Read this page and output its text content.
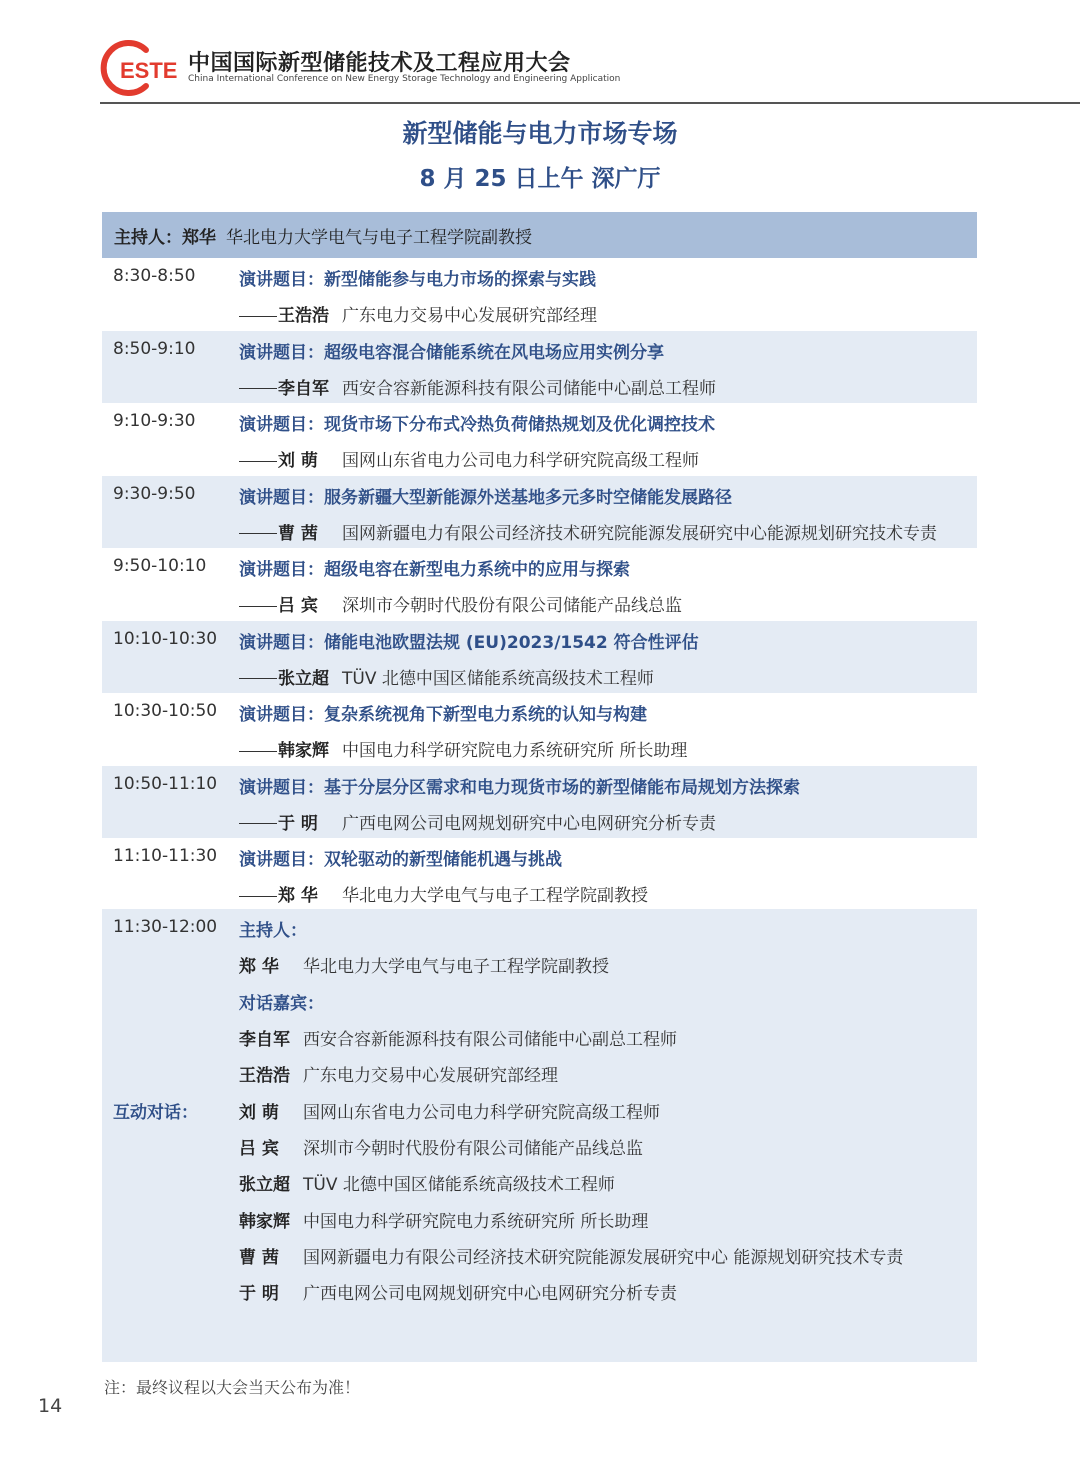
ESTE 中国国际新型储能技术及工程应用大会
China International Conference on New Energy Storage Technology and Engineering Application
新型储能与电力市场专场
8 月 25 日上午 深广厅
主持人： 郑华 华北电力大学电气与电子工程学院副教授
8:30-8:50	演讲题目：新型储能参与电力市场的探索与实践
王浩浩 广东电力交易中心发展研究部经理
8:50-9:10	演讲题目：超级电容混合储能系统在风电场应用实例分享
李自军 西安合容新能源科技有限公司储能中心副总工程师
9:10-9:30	演讲题目：现货市场下分布式冷热负荷储热规划及优化调控技术
刘 萌 国网山东省电力公司电力科学研究院高级工程师
9:30-9:50	演讲题目：服务新疆大型新能源外送基地多元多时空储能发展路径
曹 茜 国网新疆电力有限公司经济技术研究院能源发展研究中心能源规划研究技术专责
9:50-10:10 演讲题目：超级电容在新型电力系统中的应用与探索
吕 宾 深圳市今朝时代股份有限公司储能产品线总监
10:10-10:30 演讲题目：储能电池欧盟法规 (EU)2023/1542 符合性评估
张立超 TÜV 北德中国区储能系统高级技术工程师
10:30-10:50 演讲题目：复杂系统视角下新型电力系统的认知与构建
韩家辉 中国电力科学研究院电力系统研究所 所长助理
10:50-11:10 演讲题目：基于分层分区需求和电力现货市场的新型储能布局规划方法探索
于 明 广西电网公司电网规划研究中心电网研究分析专责
11:10-11:30 演讲题目：双轮驱动的新型储能机遇与挑战
郑 华 华北电力大学电气与电子工程学院副教授
11:30-12:00
互动对话：
主持人：
郑 华 华北电力大学电气与电子工程学院副教授
对话嘉宾：
李自军 西安合容新能源科技有限公司储能中心副总工程师
王浩浩 广东电力交易中心发展研究部经理
刘 萌 国网山东省电力公司电力科学研究院高级工程师
吕 宾 深圳市今朝时代股份有限公司储能产品线总监
张立超 TÜV 北德中国区储能系统高级技术工程师
韩家辉 中国电力科学研究院电力系统研究所 所长助理
曹 茜 国网新疆电力有限公司经济技术研究院能源发展研究中心 能源规划研究技术专责
于 明 广西电网公司电网规划研究中心电网研究分析专责
注：最终议程以大会当天公布为准！
14
